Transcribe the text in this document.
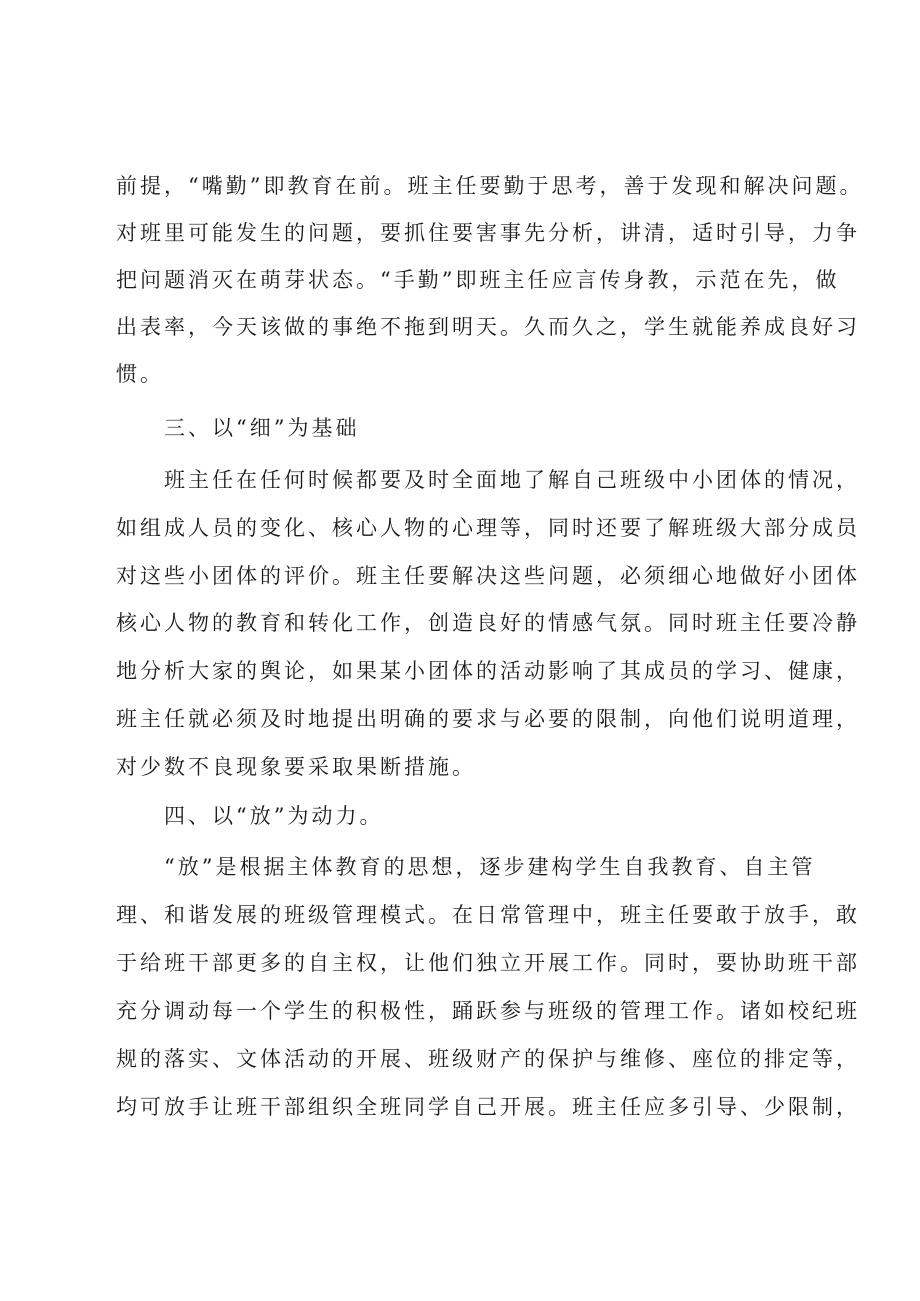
前提，“嘴勤”即教育在前。班主任要勤于思考，善于发现和解决问题。
对班里可能发生的问题，要抓住要害事先分析，讲清，适时引导，力争
把问题消灭在萌芽状态。“手勤”即班主任应言传身教，示范在先，做
出表率，今天该做的事绝不拖到明天。久而久之，学生就能养成良好习
惯。
三、以“细”为基础
班主任在任何时候都要及时全面地了解自己班级中小团体的情况，
如组成人员的变化、核心人物的心理等，同时还要了解班级大部分成员
对这些小团体的评价。班主任要解决这些问题，必须细心地做好小团体
核心人物的教育和转化工作，创造良好的情感气氛。同时班主任要冷静
地分析大家的舆论，如果某小团体的活动影响了其成员的学习、健康，
班主任就必须及时地提出明确的要求与必要的限制，向他们说明道理，
对少数不良现象要采取果断措施。
四、以“放”为动力。
“放”是根据主体教育的思想，逐步建构学生自我教育、自主管
理、和谐发展的班级管理模式。在日常管理中，班主任要敢于放手，敢
于给班干部更多的自主权，让他们独立开展工作。同时，要协助班干部
充分调动每一个学生的积极性，踊跃参与班级的管理工作。诸如校纪班
规的落实、文体活动的开展、班级财产的保护与维修、座位的排定等，
均可放手让班干部组织全班同学自己开展。班主任应多引导、少限制，
